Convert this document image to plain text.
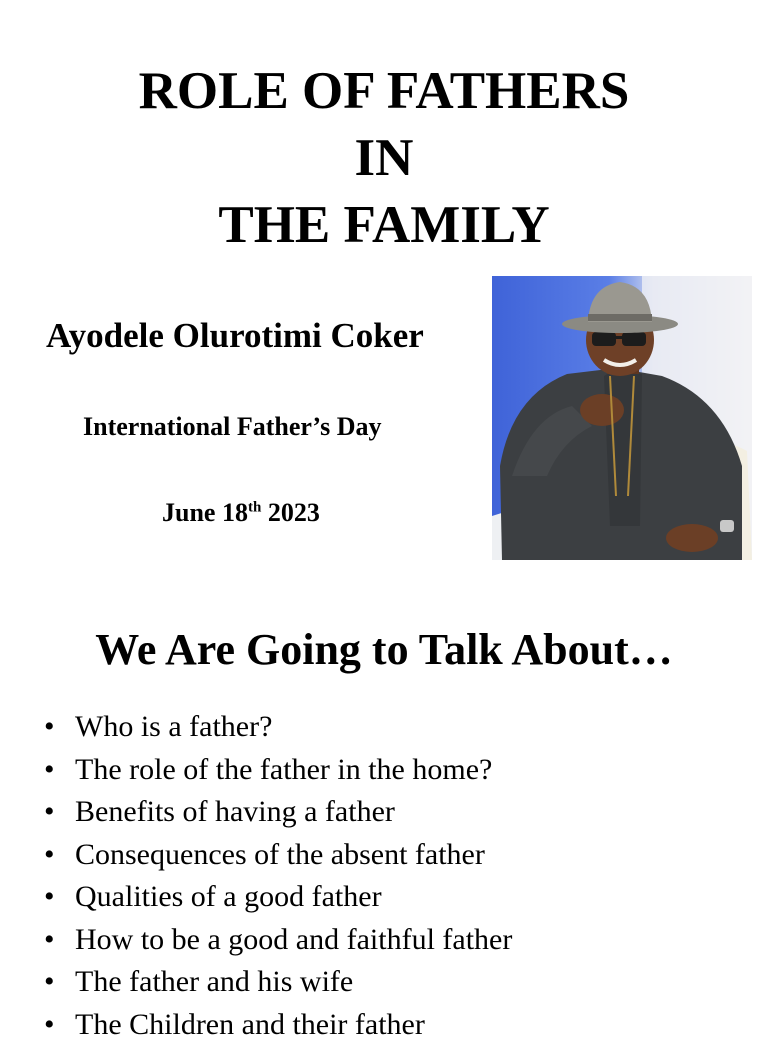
ROLE OF FATHERS
IN
THE FAMILY
Ayodele Olurotimi Coker
International Father’s Day
June 18th 2023
We Are Going to Talk About…
• Who is a father?
• The role of the father in the home?
• Benefits of having a father
• Consequences of the absent father
• Qualities of a good father
• How to be a good and faithful father
• The father and his wife
• The Children and their father
